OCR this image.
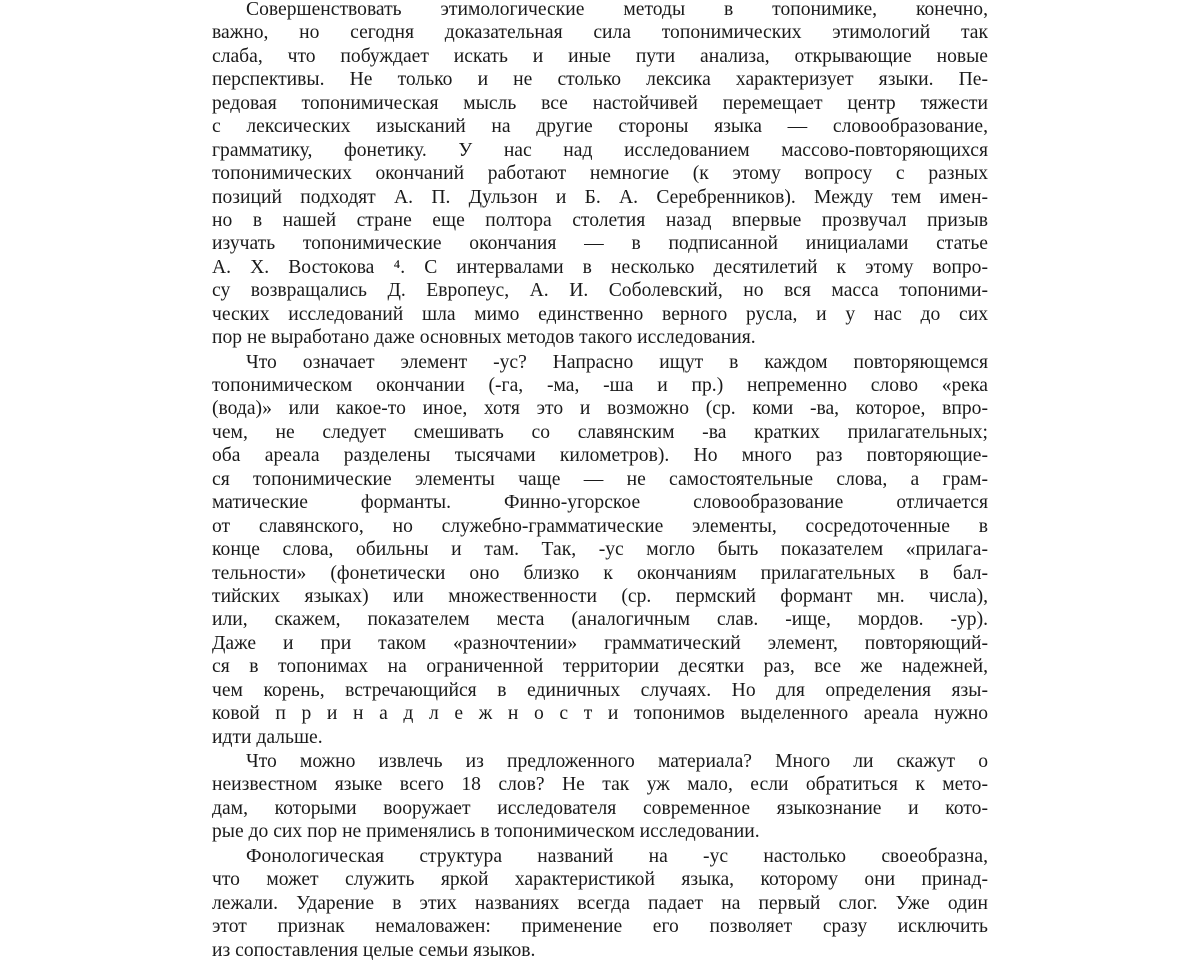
Совершенствовать этимологические методы в топонимике, конечно,
важно, но сегодня доказательная сила топонимических этимологий так
слаба, что побуждает искать и иные пути анализа, открывающие новые
перспективы. Не только и не столько лексика характеризует языки. Пе-
редовая топонимическая мысль все настойчивей перемещает центр тяжести
с лексических изысканий на другие стороны языка — словообразование,
грамматику, фонетику. У нас над исследованием массово-повторяющихся
топонимических окончаний работают немногие (к этому вопросу с разных
позиций подходят А. П. Дульзон и Б. А. Серебренников). Между тем имен-
но в нашей стране еще полтора столетия назад впервые прозвучал призыв
изучать топонимические окончания — в подписанной инициалами статье
А. Х. Востокова ⁴. С интервалами в несколько десятилетий к этому вопро-
су возвращались Д. Европеус, А. И. Соболевский, но вся масса топоними-
ческих исследований шла мимо единственно верного русла, и у нас до сих
пор не выработано даже основных методов такого исследования.
Что означает элемент -ус? Напрасно ищут в каждом повторяющемся
топонимическом окончании (-га, -ма, -ша и пр.) непременно слово «река
(вода)» или какое-то иное, хотя это и возможно (ср. коми -ва, которое, впро-
чем, не следует смешивать со славянским -ва кратких прилагательных;
оба ареала разделены тысячами километров). Но много раз повторяющие-
ся топонимические элементы чаще — не самостоятельные слова, а грам-
матические форманты. Финно-угорское словообразование отличается
от славянского, но служебно-грамматические элементы, сосредоточенные в
конце слова, обильны и там. Так, -ус могло быть показателем «прилага-
тельности» (фонетически оно близко к окончаниям прилагательных в бал-
тийских языках) или множественности (ср. пермский формант мн. числа),
или, скажем, показателем места (аналогичным слав. -ище, мордов. -ур).
Даже и при таком «разночтении» грамматический элемент, повторяющий-
ся в топонимах на ограниченной территории десятки раз, все же надежней,
чем корень, встречающийся в единичных случаях. Но для определения язы-
ковой п р и н а д л е ж н о с т и топонимов выделенного ареала нужно
идти дальше.
Что можно извлечь из предложенного материала? Много ли скажут о
неизвестном языке всего 18 слов? Не так уж мало, если обратиться к мето-
дам, которыми вооружает исследователя современное языкознание и кото-
рые до сих пор не применялись в топонимическом исследовании.
Фонологическая структура названий на -ус настолько своеобразна,
что может служить яркой характеристикой языка, которому они принад-
лежали. Ударение в этих названиях всегда падает на первый слог. Уже один
этот признак немаловажен: применение его позволяет сразу исключить
из сопоставления целые семьи языков.
